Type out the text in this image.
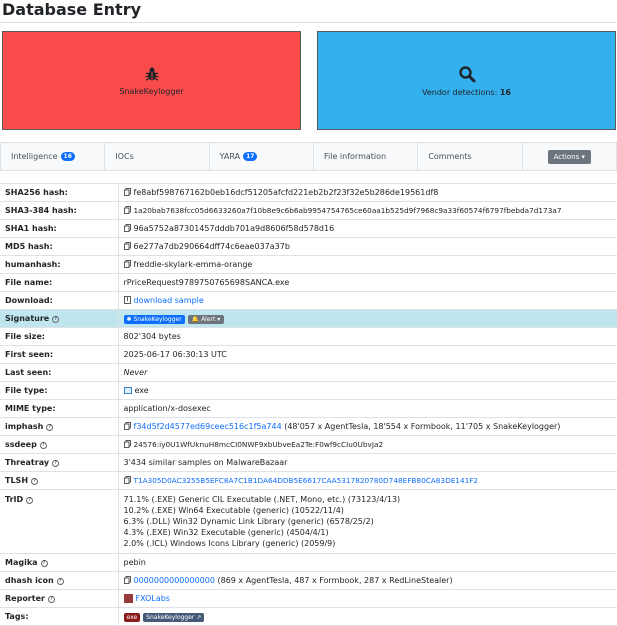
Database Entry
SnakeKeylogger	Vendor detections: 16
Intelligence	16	IOCs	YARA	17	File information	Comments	Actions ▾
SHA256 hash:	fe8abf598767162b0eb16dcf51205afcfd221eb2b2f23f32e5b286de19561df8
SHA3-384 hash:	1a20bab7638fcc05d6633260a7f10b8e9c6b6ab9954754765ce60aa1b525d9f7968c9a33f60574f6797fbebda7d173a7
SHA1 hash:	96a5752a87301457dddb701a9d8606f58d578d16
MD5 hash:	6e277a7db290664dff74c6eae037a37b
humanhash:	freddie-skylark-emma-orange
File name:	rPriceRequest9789750765698SANCA.exe
Download:	download sample
Signature ?	✱ SnakeKeylogger 🔔 Alert ▾
File size:	802'304 bytes
First seen:	2025-06-17 06:30:13 UTC
Last seen:	Never
File type:	exe
MIME type:	application/x-dosexec
imphash ?	f34d5f2d4577ed69ceec516c1f5a744 (48'057 x AgentTesla, 18'554 x Formbook, 11'705 x SnakeKeylogger)
ssdeep ?	24576:iy0U1WfUknuH8mcCI0NWF9xbUbveEa2Te:F0wf9cCIu0UbvJa2
Threatray ?	3'434 similar samples on MalwareBazaar
TLSH ?	T1A305D0AC3255B5EFC8A7C1B1DA64DDB5E6617CAA5317820780D748EFB80CA83DE141F2
TrID ?	71.1% (.EXE) Generic CIL Executable (.NET, Mono, etc.) (73123/4/13)
10.2% (.EXE) Win64 Executable (generic) (10522/11/4)
6.3% (.DLL) Win32 Dynamic Link Library (generic) (6578/25/2)
4.3% (.EXE) Win32 Executable (generic) (4504/4/1)
2.0% (.ICL) Windows Icons Library (generic) (2059/9)

Magika ?	pebin
dhash icon ?	0000000000000000 (869 x AgentTesla, 487 x Formbook, 287 x RedLineStealer)
Reporter ?	FXOLabs
Tags:	exe SnakeKeylogger ↗
